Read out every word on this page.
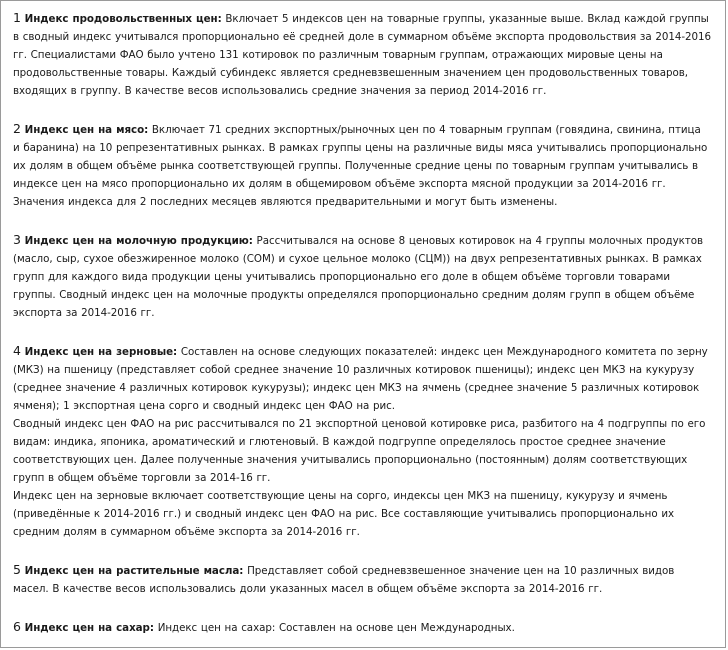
1 Индекс продовольственных цен: Включает 5 индексов цен на товарные группы, указанные выше. Вклад каждой группы в сводный индекс учитывался пропорционально её средней доле в суммарном объёме экспорта продовольствия за 2014-2016 гг. Специалистами ФАО было учтено 131 котировок по различным товарным группам, отражающих мировые цены на продовольственные товары. Каждый субиндекс является средневзвешенным значением цен продовольственных товаров, входящих в группу. В качестве весов использовались средние значения за период 2014-2016 гг.
2 Индекс цен на мясо: Включает 71 средних экспортных/рыночных цен по 4 товарным группам (говядина, свинина, птица и баранина) на 10 репрезентативных рынках. В рамках группы цены на различные виды мяса учитывались пропорционально их долям в общем объёме рынка соответствующей группы. Полученные средние цены по товарным группам учитывались в индексе цен на мясо пропорционально их долям в общемировом объёме экспорта мясной продукции за 2014-2016 гг. Значения индекса для 2 последних месяцев являются предварительными и могут быть изменены.
3 Индекс цен на молочную продукцию: Рассчитывался на основе 8 ценовых котировок на 4 группы молочных продуктов (масло, сыр, сухое обезжиренное молоко (СОМ) и сухое цельное молоко (СЦМ)) на двух репрезентативных рынках. В рамках групп для каждого вида продукции цены учитывались пропорционально его доле в общем объёме торговли товарами группы. Сводный индекс цен на молочные продукты определялся пропорционально средним долям групп в общем объёме экспорта за 2014-2016 гг.
4 Индекс цен на зерновые: Составлен на основе следующих показателей: индекс цен Международного комитета по зерну (МКЗ) на пшеницу (представляет собой среднее значение 10 различных котировок пшеницы); индекс цен МКЗ на кукурузу (среднее значение 4 различных котировок кукурузы); индекс цен МКЗ на ячмень (среднее значение 5 различных котировок ячменя); 1 экспортная цена сорго и сводный индекс цен ФАО на рис.
Сводный индекс цен ФАО на рис рассчитывался по 21 экспортной ценовой котировке риса, разбитого на 4 подгруппы по его видам: индика, японика, ароматический и глютеновый. В каждой подгруппе определялось простое среднее значение соответствующих цен. Далее полученные значения учитывались пропорционально (постоянным) долям соответствующих групп в общем объёме торговли за 2014-16 гг.
Индекс цен на зерновые включает соответствующие цены на сорго, индексы цен МКЗ на пшеницу, кукурузу и ячмень (приведённые к 2014-2016 гг.) и сводный индекс цен ФАО на рис. Все составляющие учитывались пропорционально их средним долям в суммарном объёме экспорта за 2014-2016 гг.
5 Индекс цен на растительные масла: Представляет собой средневзвешенное значение цен на 10 различных видов масел. В качестве весов использовались доли указанных масел в общем объёме экспорта за 2014-2016 гг.
6 Индекс цен на сахар: Индекс цен на сахар: Составлен на основе цен Международных.
